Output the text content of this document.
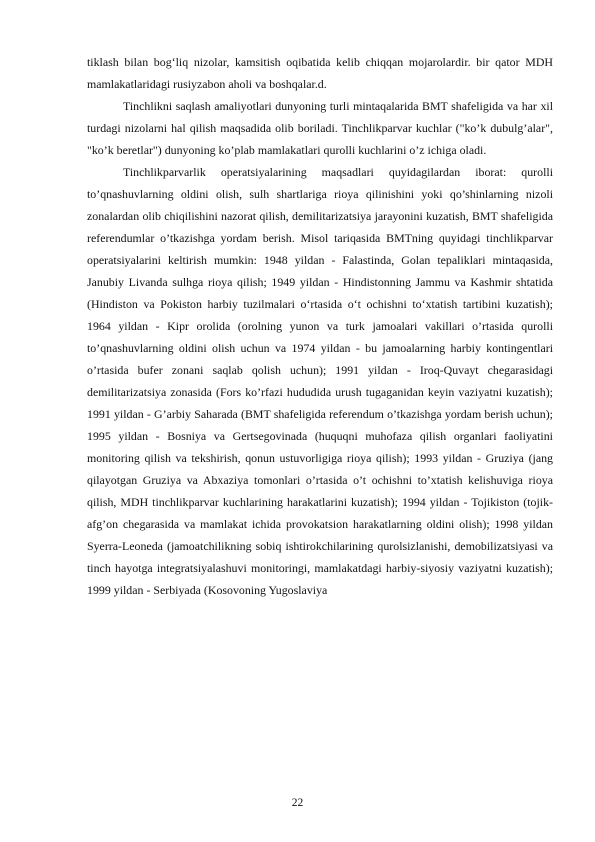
tiklash bilan bog‘liq nizolar, kamsitish oqibatida kelib chiqqan mojarolardir. bir qator MDH mamlakatlaridagi rusiyzabon aholi va boshqalar.d.

Tinchlikni saqlash amaliyotlari dunyoning turli mintaqalarida BMT shafeligida va har xil turdagi nizolarni hal qilish maqsadida olib boriladi. Tinchlikparvar kuchlar ("ko’k dubulg’alar", "ko’k beretlar") dunyoning ko’plab mamlakatlari qurolli kuchlarini o’z ichiga oladi.

Tinchlikparvarlik operatsiyalarining maqsadlari quyidagilardan iborat: qurolli to’qnashuvlarning oldini olish, sulh shartlariga rioya qilinishini yoki qo’shinlarning nizoli zonalardan olib chiqilishini nazorat qilish, demilitarizatsiya jarayonini kuzatish, BMT shafeligida referendumlar o’tkazishga yordam berish. Misol tariqasida BMTning quyidagi tinchlikparvar operatsiyalarini keltirish mumkin: 1948 yildan - Falastinda, Golan tepaliklari mintaqasida, Janubiy Livanda sulhga rioya qilish; 1949 yildan - Hindistonning Jammu va Kashmir shtatida (Hindiston va Pokiston harbiy tuzilmalari o‘rtasida o‘t ochishni to‘xtatish tartibini kuzatish); 1964 yildan - Kipr orolida (orolning yunon va turk jamoalari vakillari o’rtasida qurolli to’qnashuvlarning oldini olish uchun va 1974 yildan - bu jamoalarning harbiy kontingentlari o’rtasida bufer zonani saqlab qolish uchun); 1991 yildan - Iroq-Quvayt chegarasidagi demilitarizatsiya zonasida (Fors ko’rfazi hududida urush tugaganidan keyin vaziyatni kuzatish); 1991 yildan - G’arbiy Saharada (BMT shafeligida referendum o’tkazishga yordam berish uchun); 1995 yildan - Bosniya va Gertsegovinada (huquqni muhofaza qilish organlari faoliyatini monitoring qilish va tekshirish, qonun ustuvorligiga rioya qilish); 1993 yildan - Gruziya (jang qilayotgan Gruziya va Abxaziya tomonlari o’rtasida o’t ochishni to’xtatish kelishuviga rioya qilish, MDH tinchlikparvar kuchlarining harakatlarini kuzatish); 1994 yildan - Tojikiston (tojik-afg’on chegarasida va mamlakat ichida provokatsion harakatlarning oldini olish); 1998 yildan Syerra-Leoneda (jamoatchilikning sobiq ishtirokchilarining qurolsizlanishi, demobilizatsiyasi va tinch hayotga integratsiyalashuvi monitoringi, mamlakatdagi harbiy-siyosiy vaziyatni kuzatish); 1999 yildan - Serbiyada (Kosovoning Yugoslaviya

22
